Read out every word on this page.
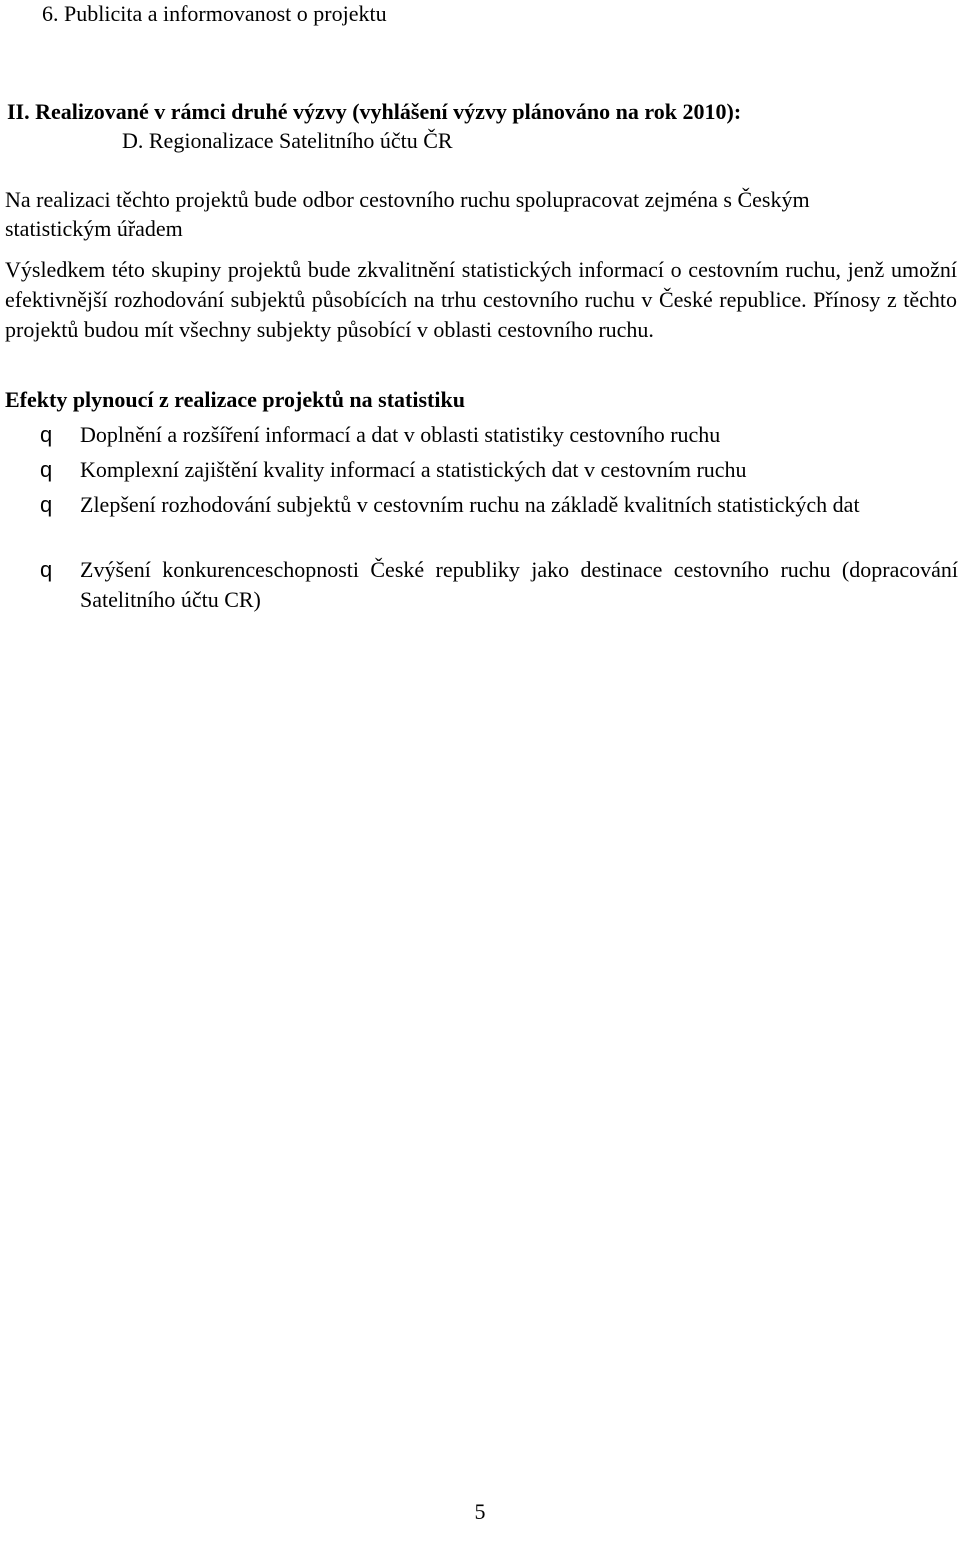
6. Publicita a informovanost o projektu
II. Realizované v rámci druhé výzvy (vyhlášení výzvy plánováno na rok 2010):
D. Regionalizace Satelitního účtu ČR
Na realizaci těchto projektů bude odbor cestovního ruchu spolupracovat zejména s Českým
statistickým úřadem
Výsledkem této skupiny projektů bude zkvalitnění statistických informací o cestovním ruchu, jenž umožní efektivnější rozhodování subjektů působících na trhu cestovního ruchu v České republice. Přínosy z těchto projektů budou mít všechny subjekty působící v oblasti cestovního ruchu.
Efekty plynoucí z realizace projektů na statistiku
q Doplnění a rozšíření informací a dat v oblasti statistiky cestovního ruchu
q Komplexní zajištění kvality informací a statistických dat v cestovním ruchu
q Zlepšení rozhodování subjektů v cestovním ruchu na základě kvalitních statistických dat
q Zvýšení konkurenceschopnosti České republiky jako destinace cestovního ruchu (dopracování Satelitního účtu CR)
5
